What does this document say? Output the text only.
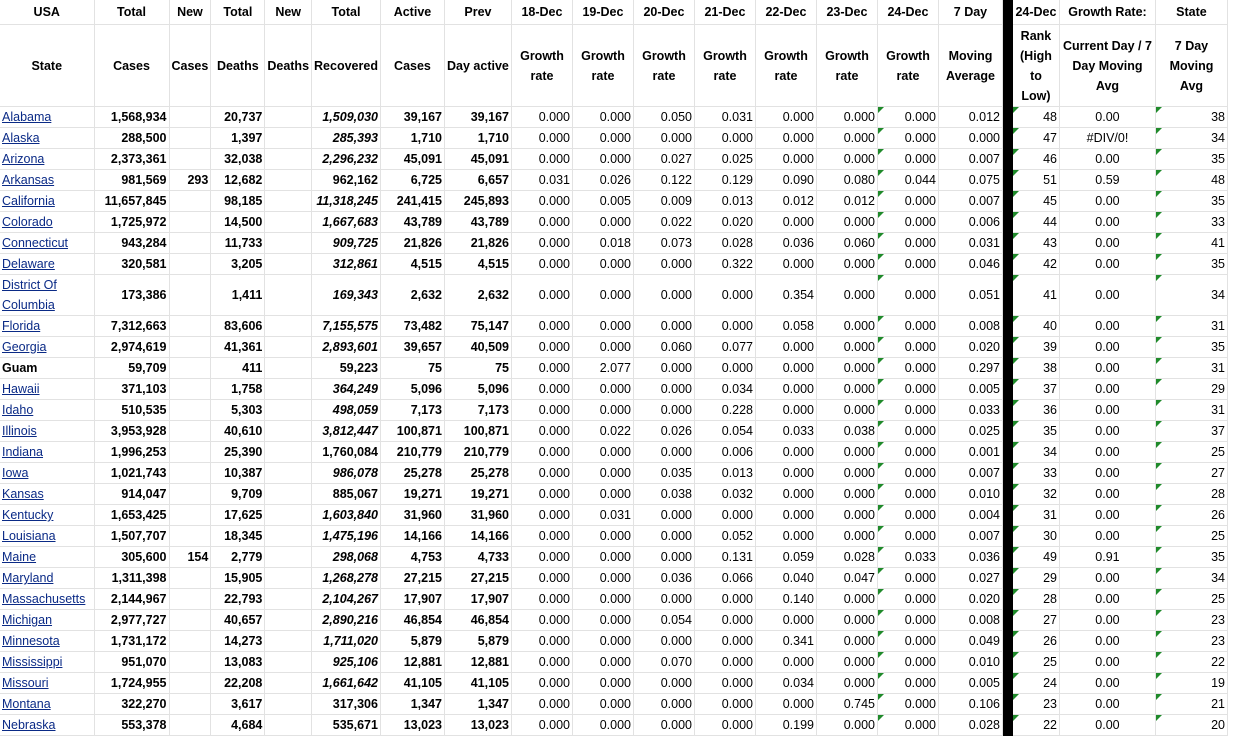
USA	Total	New	Total	New	Total	Active	Prev	18-Dec	19-Dec	20-Dec	21-Dec	22-Dec	23-Dec	24-Dec	7 Day		24-Dec	Growth Rate:	State
State	Cases	Cases	Deaths	Deaths	Recovered	Cases	Day active	Growth rate	Growth rate	Growth rate	Growth rate	Growth rate	Growth rate	Growth rate	Moving Average		Rank (High to Low)	Current Day / 7 Day Moving Avg	7 Day Moving Avg
Alabama	1,568,934		20,737		1,509,030	39,167	39,167	0.000	0.000	0.050	0.031	0.000	0.000	0.000	0.012		48	0.00	38
Alaska	288,500		1,397		285,393	1,710	1,710	0.000	0.000	0.000	0.000	0.000	0.000	0.000	0.000		47	#DIV/0!	34
Arizona	2,373,361		32,038		2,296,232	45,091	45,091	0.000	0.000	0.027	0.025	0.000	0.000	0.000	0.007		46	0.00	35
Arkansas	981,569	293	12,682		962,162	6,725	6,657	0.031	0.026	0.122	0.129	0.090	0.080	0.044	0.075		51	0.59	48
California	11,657,845		98,185		11,318,245	241,415	245,893	0.000	0.005	0.009	0.013	0.012	0.012	0.000	0.007		45	0.00	35
Colorado	1,725,972		14,500		1,667,683	43,789	43,789	0.000	0.000	0.022	0.020	0.000	0.000	0.000	0.006		44	0.00	33
Connecticut	943,284		11,733		909,725	21,826	21,826	0.000	0.018	0.073	0.028	0.036	0.060	0.000	0.031		43	0.00	41
Delaware	320,581		3,205		312,861	4,515	4,515	0.000	0.000	0.000	0.322	0.000	0.000	0.000	0.046		42	0.00	35
District Of Columbia	173,386		1,411		169,343	2,632	2,632	0.000	0.000	0.000	0.000	0.354	0.000	0.000	0.051		41	0.00	34
Florida	7,312,663		83,606		7,155,575	73,482	75,147	0.000	0.000	0.000	0.000	0.058	0.000	0.000	0.008		40	0.00	31
Georgia	2,974,619		41,361		2,893,601	39,657	40,509	0.000	0.000	0.060	0.077	0.000	0.000	0.000	0.020		39	0.00	35
Guam	59,709		411		59,223	75	75	0.000	2.077	0.000	0.000	0.000	0.000	0.000	0.297		38	0.00	31
Hawaii	371,103		1,758		364,249	5,096	5,096	0.000	0.000	0.000	0.034	0.000	0.000	0.000	0.005		37	0.00	29
Idaho	510,535		5,303		498,059	7,173	7,173	0.000	0.000	0.000	0.228	0.000	0.000	0.000	0.033		36	0.00	31
Illinois	3,953,928		40,610		3,812,447	100,871	100,871	0.000	0.022	0.026	0.054	0.033	0.038	0.000	0.025		35	0.00	37
Indiana	1,996,253		25,390		1,760,084	210,779	210,779	0.000	0.000	0.000	0.006	0.000	0.000	0.000	0.001		34	0.00	25
Iowa	1,021,743		10,387		986,078	25,278	25,278	0.000	0.000	0.035	0.013	0.000	0.000	0.000	0.007		33	0.00	27
Kansas	914,047		9,709		885,067	19,271	19,271	0.000	0.000	0.038	0.032	0.000	0.000	0.000	0.010		32	0.00	28
Kentucky	1,653,425		17,625		1,603,840	31,960	31,960	0.000	0.031	0.000	0.000	0.000	0.000	0.000	0.004		31	0.00	26
Louisiana	1,507,707		18,345		1,475,196	14,166	14,166	0.000	0.000	0.000	0.052	0.000	0.000	0.000	0.007		30	0.00	25
Maine	305,600	154	2,779		298,068	4,753	4,733	0.000	0.000	0.000	0.131	0.059	0.028	0.033	0.036		49	0.91	35
Maryland	1,311,398		15,905		1,268,278	27,215	27,215	0.000	0.000	0.036	0.066	0.040	0.047	0.000	0.027		29	0.00	34
Massachusetts	2,144,967		22,793		2,104,267	17,907	17,907	0.000	0.000	0.000	0.000	0.140	0.000	0.000	0.020		28	0.00	25
Michigan	2,977,727		40,657		2,890,216	46,854	46,854	0.000	0.000	0.054	0.000	0.000	0.000	0.000	0.008		27	0.00	23
Minnesota	1,731,172		14,273		1,711,020	5,879	5,879	0.000	0.000	0.000	0.000	0.341	0.000	0.000	0.049		26	0.00	23
Mississippi	951,070		13,083		925,106	12,881	12,881	0.000	0.000	0.070	0.000	0.000	0.000	0.000	0.010		25	0.00	22
Missouri	1,724,955		22,208		1,661,642	41,105	41,105	0.000	0.000	0.000	0.000	0.034	0.000	0.000	0.005		24	0.00	19
Montana	322,270		3,617		317,306	1,347	1,347	0.000	0.000	0.000	0.000	0.000	0.745	0.000	0.106		23	0.00	21
Nebraska	553,378		4,684		535,671	13,023	13,023	0.000	0.000	0.000	0.000	0.199	0.000	0.000	0.028		22	0.00	20
